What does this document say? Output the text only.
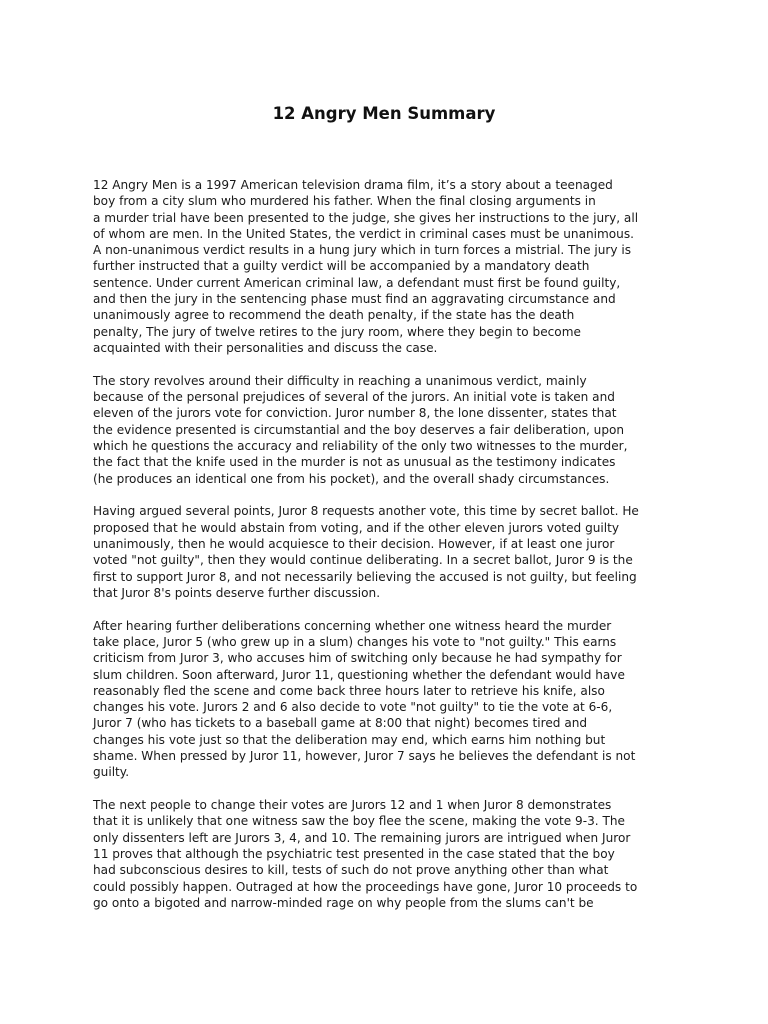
12 Angry Men Summary
12 Angry Men is a 1997 American television drama film, it’s a story about a teenaged
boy from a city slum who murdered his father. When the final closing arguments in
a murder trial have been presented to the judge, she gives her instructions to the jury, all
of whom are men. In the United States, the verdict in criminal cases must be unanimous.
A non-unanimous verdict results in a hung jury which in turn forces a mistrial. The jury is
further instructed that a guilty verdict will be accompanied by a mandatory death
sentence. Under current American criminal law, a defendant must first be found guilty,
and then the jury in the sentencing phase must find an aggravating circumstance and
unanimously agree to recommend the death penalty, if the state has the death
penalty, The jury of twelve retires to the jury room, where they begin to become
acquainted with their personalities and discuss the case.
The story revolves around their difficulty in reaching a unanimous verdict, mainly
because of the personal prejudices of several of the jurors. An initial vote is taken and
eleven of the jurors vote for conviction. Juror number 8, the lone dissenter, states that
the evidence presented is circumstantial and the boy deserves a fair deliberation, upon
which he questions the accuracy and reliability of the only two witnesses to the murder,
the fact that the knife used in the murder is not as unusual as the testimony indicates
(he produces an identical one from his pocket), and the overall shady circumstances.
Having argued several points, Juror 8 requests another vote, this time by secret ballot. He
proposed that he would abstain from voting, and if the other eleven jurors voted guilty
unanimously, then he would acquiesce to their decision. However, if at least one juror
voted "not guilty", then they would continue deliberating. In a secret ballot, Juror 9 is the
first to support Juror 8, and not necessarily believing the accused is not guilty, but feeling
that Juror 8's points deserve further discussion.
After hearing further deliberations concerning whether one witness heard the murder
take place, Juror 5 (who grew up in a slum) changes his vote to "not guilty." This earns
criticism from Juror 3, who accuses him of switching only because he had sympathy for
slum children. Soon afterward, Juror 11, questioning whether the defendant would have
reasonably fled the scene and come back three hours later to retrieve his knife, also
changes his vote. Jurors 2 and 6 also decide to vote "not guilty" to tie the vote at 6-6,
Juror 7 (who has tickets to a baseball game at 8:00 that night) becomes tired and
changes his vote just so that the deliberation may end, which earns him nothing but
shame. When pressed by Juror 11, however, Juror 7 says he believes the defendant is not
guilty.
The next people to change their votes are Jurors 12 and 1 when Juror 8 demonstrates
that it is unlikely that one witness saw the boy flee the scene, making the vote 9-3. The
only dissenters left are Jurors 3, 4, and 10. The remaining jurors are intrigued when Juror
11 proves that although the psychiatric test presented in the case stated that the boy
had subconscious desires to kill, tests of such do not prove anything other than what
could possibly happen. Outraged at how the proceedings have gone, Juror 10 proceeds to
go onto a bigoted and narrow-minded rage on why people from the slums can't be
